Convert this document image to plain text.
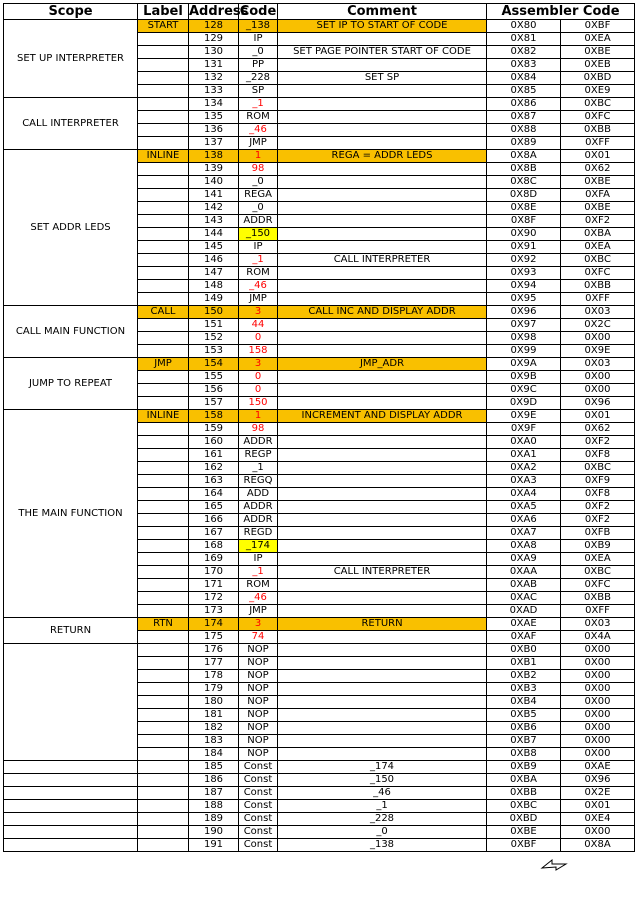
Scope	Label	Address	Code	Comment	Assembler Code	
SET UP INTERPRETER	START	128	_138	SET IP TO START OF CODE	0X80	0XBF
		129	IP		0X81	0XEA
		130	_0	SET PAGE POINTER START OF CODE	0X82	0XBE
		131	PP		0X83	0XEB
		132	_228	SET SP	0X84	0XBD
		133	SP		0X85	0XE9
CALL INTERPRETER		134	_1		0X86	0XBC
		135	ROM		0X87	0XFC
		136	_46		0X88	0XBB
		137	JMP		0X89	0XFF
SET ADDR LEDS	INLINE	138	1	REGA = ADDR LEDS	0X8A	0X01
		139	98		0X8B	0X62
		140	_0		0X8C	0XBE
		141	REGA		0X8D	0XFA
		142	_0		0X8E	0XBE
		143	ADDR		0X8F	0XF2
		144	_150		0X90	0XBA
		145	IP		0X91	0XEA
		146	_1	CALL INTERPRETER	0X92	0XBC
		147	ROM		0X93	0XFC
		148	_46		0X94	0XBB
		149	JMP		0X95	0XFF
CALL MAIN FUNCTION	CALL	150	3	CALL INC AND DISPLAY ADDR	0X96	0X03
		151	44		0X97	0X2C
		152	0		0X98	0X00
		153	158		0X99	0X9E
JUMP TO REPEAT	JMP	154	3	JMP_ADR	0X9A	0X03
		155	0		0X9B	0X00
		156	0		0X9C	0X00
		157	150		0X9D	0X96
THE MAIN FUNCTION	INLINE	158	1	INCREMENT AND DISPLAY ADDR	0X9E	0X01
		159	98		0X9F	0X62
		160	ADDR		0XA0	0XF2
		161	REGP		0XA1	0XF8
		162	_1		0XA2	0XBC
		163	REGQ		0XA3	0XF9
		164	ADD		0XA4	0XF8
		165	ADDR		0XA5	0XF2
		166	ADDR		0XA6	0XF2
		167	REGD		0XA7	0XFB
		168	_174		0XA8	0XB9
		169	IP		0XA9	0XEA
		170	_1	CALL INTERPRETER	0XAA	0XBC
		171	ROM		0XAB	0XFC
		172	_46		0XAC	0XBB
		173	JMP		0XAD	0XFF
RETURN	RTN	174	3	RETURN	0XAE	0X03
		175	74		0XAF	0X4A
		176	NOP		0XB0	0X00
		177	NOP		0XB1	0X00
		178	NOP		0XB2	0X00
		179	NOP		0XB3	0X00
		180	NOP		0XB4	0X00
		181	NOP		0XB5	0X00
		182	NOP		0XB6	0X00
		183	NOP		0XB7	0X00
		184	NOP		0XB8	0X00
		185	Const	_174	0XB9	0XAE
		186	Const	_150	0XBA	0X96
		187	Const	_46	0XBB	0X2E
		188	Const	_1	0XBC	0X01
		189	Const	_228	0XBD	0XE4
		190	Const	_0	0XBE	0X00
		191	Const	_138	0XBF	0X8A
